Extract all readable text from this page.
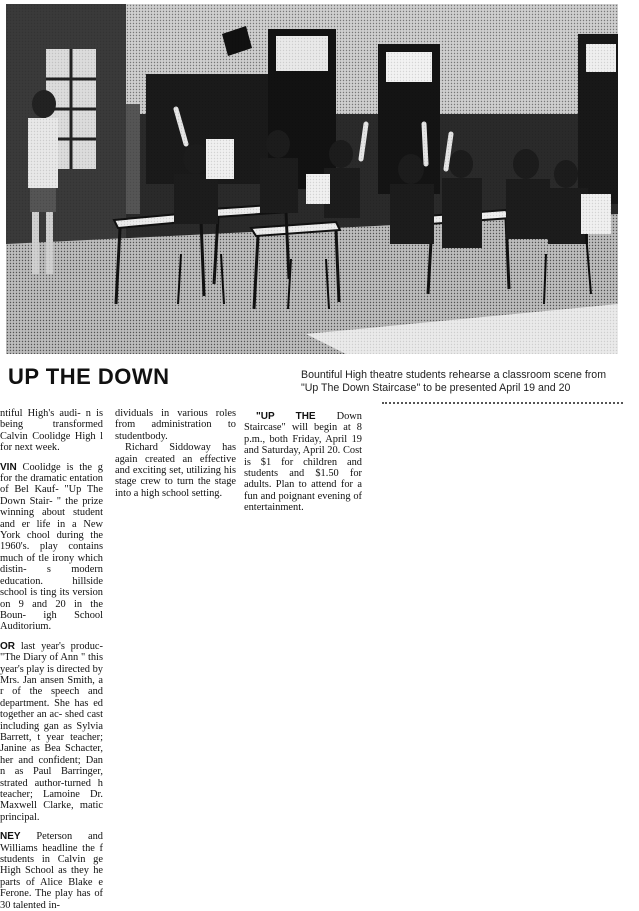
UP THE DOWN	Bountiful High theatre students rehearse a classroom scene from "Up The Down Staircase" to be presented April 19 and 20

ntiful High's audi- n is being transformed Calvin Coolidge High l for next week.

VIN Coolidge is the g for the dramatic entation of Bel Kauf- "Up The Down Stair- " the prize winning about student and er life in a New York chool during the 1960's. play contains much of tle irony which distin- s modern education. hillside school is ting its version on 9 and 20 in the Boun- igh School Auditorium.

OR last year's produc- "The Diary of Ann " this year's play is directed by Mrs. Jan ansen Smith, a r of the speech and department. She has ed together an ac- shed cast including gan as Sylvia Barrett, t year teacher; Janine as Bea Schacter, her and confident; Dan n as Paul Barringer, strated author-turned h teacher; Lamoine Dr. Maxwell Clarke, matic principal.

NEY Peterson and Williams headline the f students in Calvin ge High School as they he parts of Alice Blake e Ferone. The play has of 30 talented in-

dividuals in various roles from administration to studentbody.

Richard Siddoway has again created an effective and exciting set, utilizing his stage crew to turn the stage into a high school setting.

"UP THE Down Staircase" will begin at 8 p.m., both Friday, April 19 and Saturday, April 20. Cost is $1 for children and students and $1.50 for adults. Plan to attend for a fun and poignant evening of entertainment.
